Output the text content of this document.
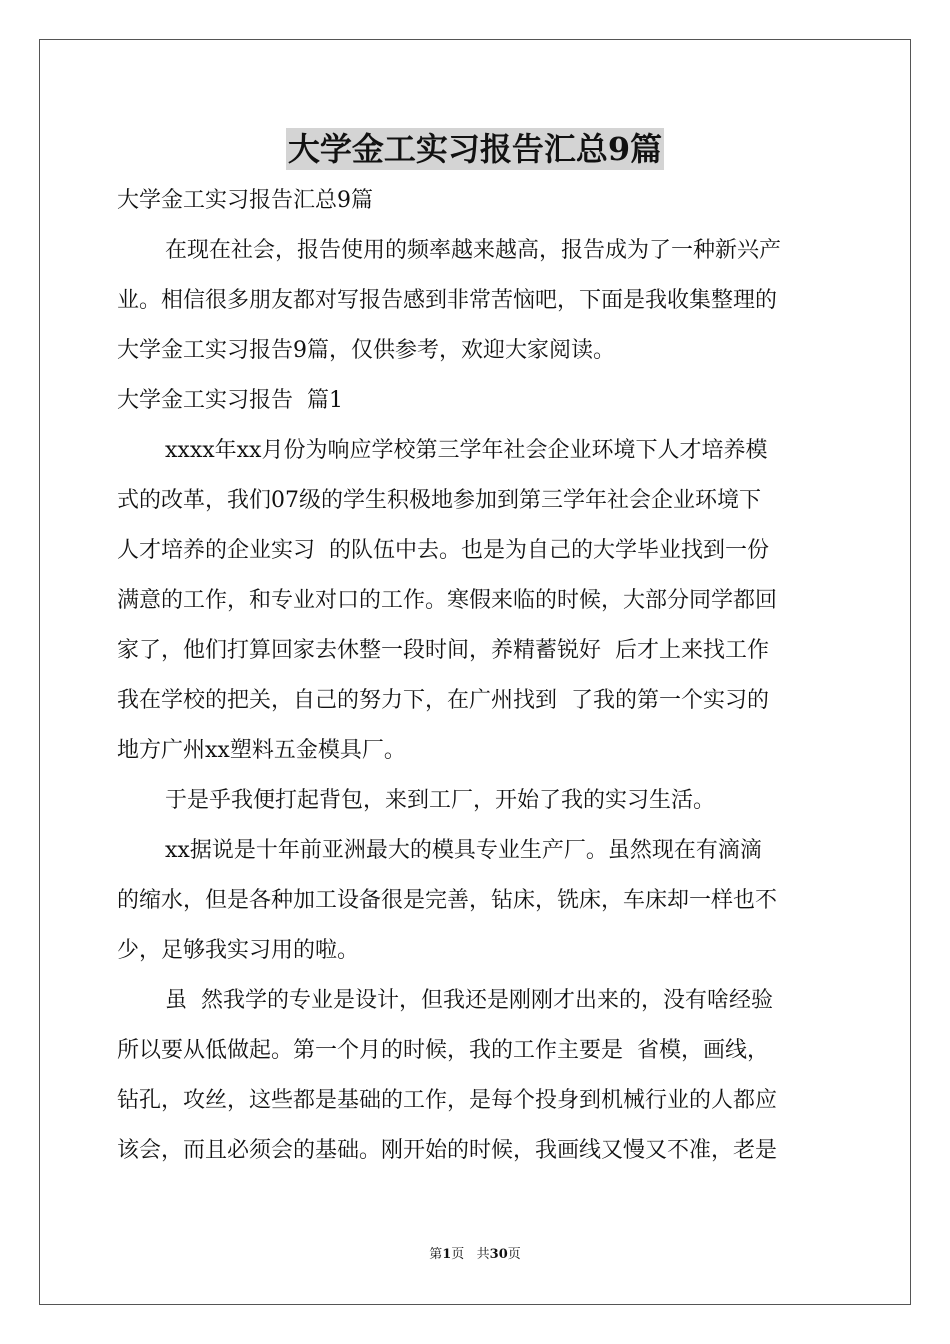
大学金工实习报告汇总9篇

大学金工实习报告汇总9篇

在现在社会，报告使用的频率越来越高，报告成为了一种新兴产

业。相信很多朋友都对写报告感到非常苦恼吧，下面是我收集整理的

大学金工实习报告9篇，仅供参考，欢迎大家阅读。

大学金工实习报告  篇1

xxxx年xx月份为响应学校第三学年社会企业环境下人才培养模

式的改革，我们07级的学生积极地参加到第三学年社会企业环境下

人才培养的企业实习  的队伍中去。也是为自己的大学毕业找到一份

满意的工作，和专业对口的工作。寒假来临的时候，大部分同学都回

家了，他们打算回家去休整一段时间，养精蓄锐好  后才上来找工作

我在学校的把关，自己的努力下，在广州找到  了我的第一个实习的

地方广州xx塑料五金模具厂。

于是乎我便打起背包，来到工厂，开始了我的实习生活。

xx据说是十年前亚洲最大的模具专业生产厂。虽然现在有滴滴

的缩水，但是各种加工设备很是完善，钻床，铣床，车床却一样也不

少，足够我实习用的啦。

虽  然我学的专业是设计，但我还是刚刚才出来的，没有啥经验

所以要从低做起。第一个月的时候，我的工作主要是  省模，画线，

钻孔，攻丝，这些都是基础的工作，是每个投身到机械行业的人都应

该会，而且必须会的基础。刚开始的时候，我画线又慢又不准，老是

第1页   共30页
